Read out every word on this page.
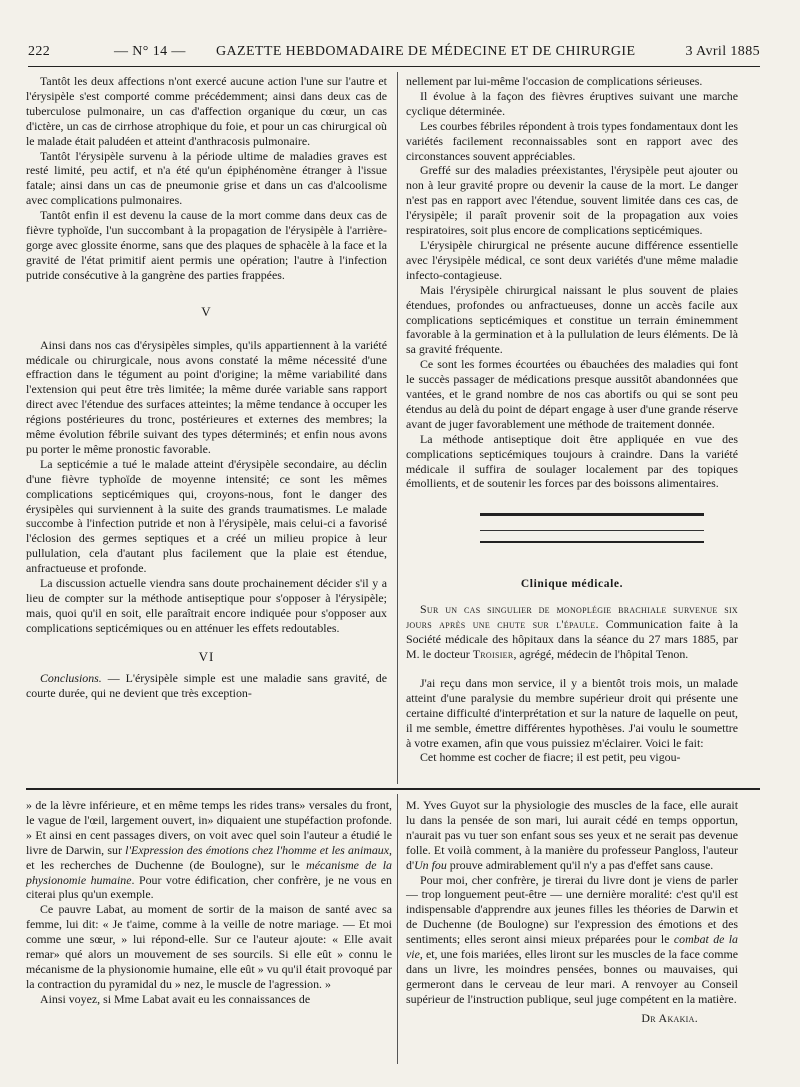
222	— N° 14 — GAZETTE HEBDOMADAIRE DE MÉDECINE ET DE CHIRURGIE	3 Avril 1885

Tantôt les deux affections n'ont exercé aucune action l'une sur l'autre et l'érysipèle s'est comporté comme précédemment; ainsi dans deux cas de tuberculose pulmonaire, un cas d'affection organique du cœur, un cas d'ictère, un cas de cirrhose atrophique du foie, et pour un cas chirurgical où le malade était paludéen et atteint d'anthracosis pulmonaire.

Tantôt l'érysipèle survenu à la période ultime de maladies graves est resté limité, peu actif, et n'a été qu'un épiphénomène étranger à l'issue fatale; ainsi dans un cas de pneumonie grise et dans un cas d'alcoolisme avec complications pulmonaires.

Tantôt enfin il est devenu la cause de la mort comme dans deux cas de fièvre typhoïde, l'un succombant à la propagation de l'érysipèle à l'arrière-gorge avec glossite énorme, sans que des plaques de sphacèle à la face et la gravité de l'état primitif aient permis une opération; l'autre à l'infection putride consécutive à la gangrène des parties frappées.

V

Ainsi dans nos cas d'érysipèles simples, qu'ils appartiennent à la variété médicale ou chirurgicale, nous avons constaté la même nécessité d'une effraction dans le tégument au point d'origine; la même variabilité dans l'extension qui peut être très limitée; la même durée variable sans rapport direct avec l'étendue des surfaces atteintes; la même tendance à occuper les régions postérieures du tronc, postérieures et externes des membres; la même évolution fébrile suivant des types déterminés; et enfin nous avons pu porter le même pronostic favorable.

La septicémie a tué le malade atteint d'érysipèle secondaire, au déclin d'une fièvre typhoïde de moyenne intensité; ce sont les mêmes complications septicémiques qui, croyons-nous, font le danger des érysipèles qui surviennent à la suite des grands traumatismes. Le malade succombe à l'infection putride et non à l'érysipèle, mais celui-ci a favorisé l'éclosion des germes septiques et a créé un milieu propice à leur pullulation, cela d'autant plus facilement que la plaie est étendue, anfractueuse et profonde.

La discussion actuelle viendra sans doute prochainement décider s'il y a lieu de compter sur la méthode antiseptique pour s'opposer à l'érysipèle; mais, quoi qu'il en soit, elle paraîtrait encore indiquée pour s'opposer aux complications septicémiques ou en atténuer les effets redoutables.

VI

Conclusions. — L'érysipèle simple est une maladie sans gravité, de courte durée, qui ne devient que très exception-

nellement par lui-même l'occasion de complications sérieuses.

Il évolue à la façon des fièvres éruptives suivant une marche cyclique déterminée.

Les courbes fébriles répondent à trois types fondamentaux dont les variétés facilement reconnaissables sont en rapport avec des circonstances souvent appréciables.

Greffé sur des maladies préexistantes, l'érysipèle peut ajouter ou non à leur gravité propre ou devenir la cause de la mort. Le danger n'est pas en rapport avec l'étendue, souvent limitée dans ces cas, de l'érysipèle; il paraît provenir soit de la propagation aux voies respiratoires, soit plus encore de complications septicémiques.

L'érysipèle chirurgical ne présente aucune différence essentielle avec l'érysipèle médical, ce sont deux variétés d'une même maladie infecto-contagieuse.

Mais l'érysipèle chirurgical naissant le plus souvent de plaies étendues, profondes ou anfractueuses, donne un accès facile aux complications septicémiques et constitue un terrain éminemment favorable à la germination et à la pullulation de leurs éléments. De là sa gravité fréquente.

Ce sont les formes écourtées ou ébauchées des maladies qui font le succès passager de médications presque aussitôt abandonnées que vantées, et le grand nombre de nos cas abortifs ou qui se sont peu étendus au delà du point de départ engage à user d'une grande réserve avant de juger favorablement une méthode de traitement donnée.

La méthode antiseptique doit être appliquée en vue des complications septicémiques toujours à craindre. Dans la variété médicale il suffira de soulager localement par des topiques émollients, et de soutenir les forces par des boissons alimentaires.

Clinique médicale.

Sur un cas singulier de monoplégie brachiale survenue six jours après une chute sur l'épaule. Communication faite à la Société médicale des hôpitaux dans la séance du 27 mars 1885, par M. le docteur Troisier, agrégé, médecin de l'hôpital Tenon.

J'ai reçu dans mon service, il y a bientôt trois mois, un malade atteint d'une paralysie du membre supérieur droit qui présente une certaine difficulté d'interprétation et sur la nature de laquelle on peut, il me semble, émettre différentes hypothèses. J'ai voulu le soumettre à votre examen, afin que vous puissiez m'éclairer. Voici le fait:

Cet homme est cocher de fiacre; il est petit, peu vigou-

» de la lèvre inférieure, et en même temps les rides trans» versales du front, le vague de l'œil, largement ouvert, in» diquaient une stupéfaction profonde. » Et ainsi en cent passages divers, on voit avec quel soin l'auteur a étudié le livre de Darwin, sur l'Expression des émotions chez l'homme et les animaux, et les recherches de Duchenne (de Boulogne), sur le mécanisme de la physionomie humaine. Pour votre édification, cher confrère, je ne vous en citerai plus qu'un exemple.

Ce pauvre Labat, au moment de sortir de la maison de santé avec sa femme, lui dit: « Je t'aime, comme à la veille de notre mariage. — Et moi comme une sœur, » lui répond-elle. Sur ce l'auteur ajoute: « Elle avait remar» qué alors un mouvement de ses sourcils. Si elle eût » connu le mécanisme de la physionomie humaine, elle eût » vu qu'il était provoqué par la contraction du pyramidal du » nez, le muscle de l'agression. »

Ainsi voyez, si Mme Labat avait eu les connaissances de

M. Yves Guyot sur la physiologie des muscles de la face, elle aurait lu dans la pensée de son mari, lui aurait cédé en temps opportun, n'aurait pas vu tuer son enfant sous ses yeux et ne serait pas devenue folle. Et voilà comment, à la manière du professeur Pangloss, l'auteur d'Un fou prouve admirablement qu'il n'y a pas d'effet sans cause.

Pour moi, cher confrère, je tirerai du livre dont je viens de parler — trop longuement peut-être — une dernière moralité: c'est qu'il est indispensable d'apprendre aux jeunes filles les théories de Darwin et de Duchenne (de Boulogne) sur l'expression des émotions et des sentiments; elles seront ainsi mieux préparées pour le combat de la vie, et, une fois mariées, elles liront sur les muscles de la face comme dans un livre, les moindres pensées, bonnes ou mauvaises, qui germeront dans le cerveau de leur mari. A renvoyer au Conseil supérieur de l'instruction publique, seul juge compétent en la matière.

Dr Akakia.
